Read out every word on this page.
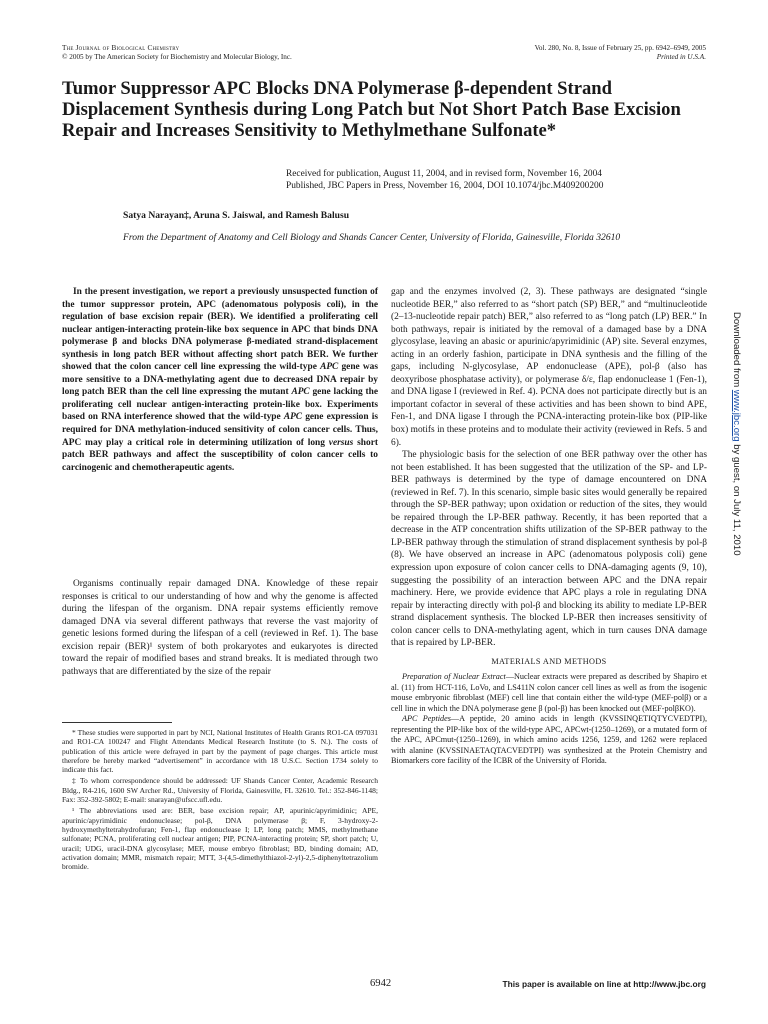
The Journal of Biological Chemistry
© 2005 by The American Society for Biochemistry and Molecular Biology, Inc.
Vol. 280, No. 8, Issue of February 25, pp. 6942–6949, 2005
Printed in U.S.A.
Tumor Suppressor APC Blocks DNA Polymerase β-dependent Strand Displacement Synthesis during Long Patch but Not Short Patch Base Excision Repair and Increases Sensitivity to Methylmethane Sulfonate*
Received for publication, August 11, 2004, and in revised form, November 16, 2004
Published, JBC Papers in Press, November 16, 2004, DOI 10.1074/jbc.M409200200
Satya Narayan‡, Aruna S. Jaiswal, and Ramesh Balusu
From the Department of Anatomy and Cell Biology and Shands Cancer Center, University of Florida, Gainesville, Florida 32610
In the present investigation, we report a previously unsuspected function of the tumor suppressor protein, APC (adenomatous polyposis coli), in the regulation of base excision repair (BER). We identified a proliferating cell nuclear antigen-interacting protein-like box sequence in APC that binds DNA polymerase β and blocks DNA polymerase β-mediated strand-displacement synthesis in long patch BER without affecting short patch BER. We further showed that the colon cancer cell line expressing the wild-type APC gene was more sensitive to a DNA-methylating agent due to decreased DNA repair by long patch BER than the cell line expressing the mutant APC gene lacking the proliferating cell nuclear antigen-interacting protein-like box. Experiments based on RNA interference showed that the wild-type APC gene expression is required for DNA methylation-induced sensitivity of colon cancer cells. Thus, APC may play a critical role in determining utilization of long versus short patch BER pathways and affect the susceptibility of colon cancer cells to carcinogenic and chemotherapeutic agents.
Organisms continually repair damaged DNA. Knowledge of these repair responses is critical to our understanding of how and why the genome is affected during the lifespan of the organism. DNA repair systems efficiently remove damaged DNA via several different pathways that reverse the vast majority of genetic lesions formed during the lifespan of a cell (reviewed in Ref. 1). The base excision repair (BER)¹ system of both prokaryotes and eukaryotes is directed toward the repair of modified bases and strand breaks. It is mediated through two pathways that are differentiated by the size of the repair

* These studies were supported in part by NCI, National Institutes of Health Grants RO1-CA 097031 and RO1-CA 100247 and Flight Attendants Medical Research Institute (to S. N.). The costs of publication of this article were defrayed in part by the payment of page charges. This article must therefore be hereby marked “advertisement” in accordance with 18 U.S.C. Section 1734 solely to indicate this fact.

‡ To whom correspondence should be addressed: UF Shands Cancer Center, Academic Research Bldg., R4-216, 1600 SW Archer Rd., University of Florida, Gainesville, FL 32610. Tel.: 352-846-1148; Fax: 352-392-5802; E-mail: snarayan@ufscc.ufl.edu.

¹ The abbreviations used are: BER, base excision repair; AP, apurinic/apyrimidinic; APE, apurinic/apyrimidinic endonuclease; pol-β, DNA polymerase β; F, 3-hydroxy-2-hydroxymethyltetrahydrofuran; Fen-1, flap endonuclease I; LP, long patch; MMS, methylmethane sulfonate; PCNA, proliferating cell nuclear antigen; PIP, PCNA-interacting protein; SP, short patch; U, uracil; UDG, uracil-DNA glycosylase; MEF, mouse embryo fibroblast; BD, binding domain; AD, activation domain; MMR, mismatch repair; MTT, 3-(4,5-dimethylthiazol-2-yl)-2,5-diphenyltetrazolium bromide.

gap and the enzymes involved (2, 3). These pathways are designated “single nucleotide BER,” also referred to as “short patch (SP) BER,” and “multinucleotide (2–13-nucleotide repair patch) BER,” also referred to as “long patch (LP) BER.” In both pathways, repair is initiated by the removal of a damaged base by a DNA glycosylase, leaving an abasic or apurinic/apyrimidinic (AP) site. Several enzymes, acting in an orderly fashion, participate in DNA synthesis and the filling of the gaps, including N-glycosylase, AP endonuclease (APE), pol-β (also has deoxyribose phosphatase activity), or polymerase δ/ε, flap endonuclease 1 (Fen-1), and DNA ligase I (reviewed in Ref. 4). PCNA does not participate directly but is an important cofactor in several of these activities and has been shown to bind APE, Fen-1, and DNA ligase I through the PCNA-interacting protein-like box (PIP-like box) motifs in these proteins and to modulate their activity (reviewed in Refs. 5 and 6).

The physiologic basis for the selection of one BER pathway over the other has not been established. It has been suggested that the utilization of the SP- and LP-BER pathways is determined by the type of damage encountered on DNA (reviewed in Ref. 7). In this scenario, simple basic sites would generally be repaired through the SP-BER pathway; upon oxidation or reduction of the sites, they would be repaired through the LP-BER pathway. Recently, it has been reported that a decrease in the ATP concentration shifts utilization of the SP-BER pathway to the LP-BER pathway through the stimulation of strand displacement synthesis by pol-β (8). We have observed an increase in APC (adenomatous polyposis coli) gene expression upon exposure of colon cancer cells to DNA-damaging agents (9, 10), suggesting the possibility of an interaction between APC and the DNA repair machinery. Here, we provide evidence that APC plays a role in regulating DNA repair by interacting directly with pol-β and blocking its ability to mediate LP-BER strand displacement synthesis. The blocked LP-BER then increases sensitivity of colon cancer cells to DNA-methylating agent, which in turn causes DNA damage that is repaired by LP-BER.

MATERIALS AND METHODS

Preparation of Nuclear Extract—Nuclear extracts were prepared as described by Shapiro et al. (11) from HCT-116, LoVo, and LS411N colon cancer cell lines as well as from the isogenic mouse embryonic fibroblast (MEF) cell line that contain either the wild-type (MEF-polβ) or a cell line in which the DNA polymerase gene β (pol-β) has been knocked out (MEF-polβKO).

APC Peptides—A peptide, 20 amino acids in length (KVSSINQETIQTYCVEDTPI), representing the PIP-like box of the wild-type APC, APCwt-(1250–1269), or a mutated form of the APC, APCmut-(1250–1269), in which amino acids 1256, 1259, and 1262 were replaced with alanine (KVSSINAETAQTACVEDTPI) was synthesized at the Protein Chemistry and Biomarkers core facility of the ICBR of the University of Florida.

6942	This paper is available on line at http://www.jbc.org
Downloaded from www.jbc.org by guest, on July 11, 2010
